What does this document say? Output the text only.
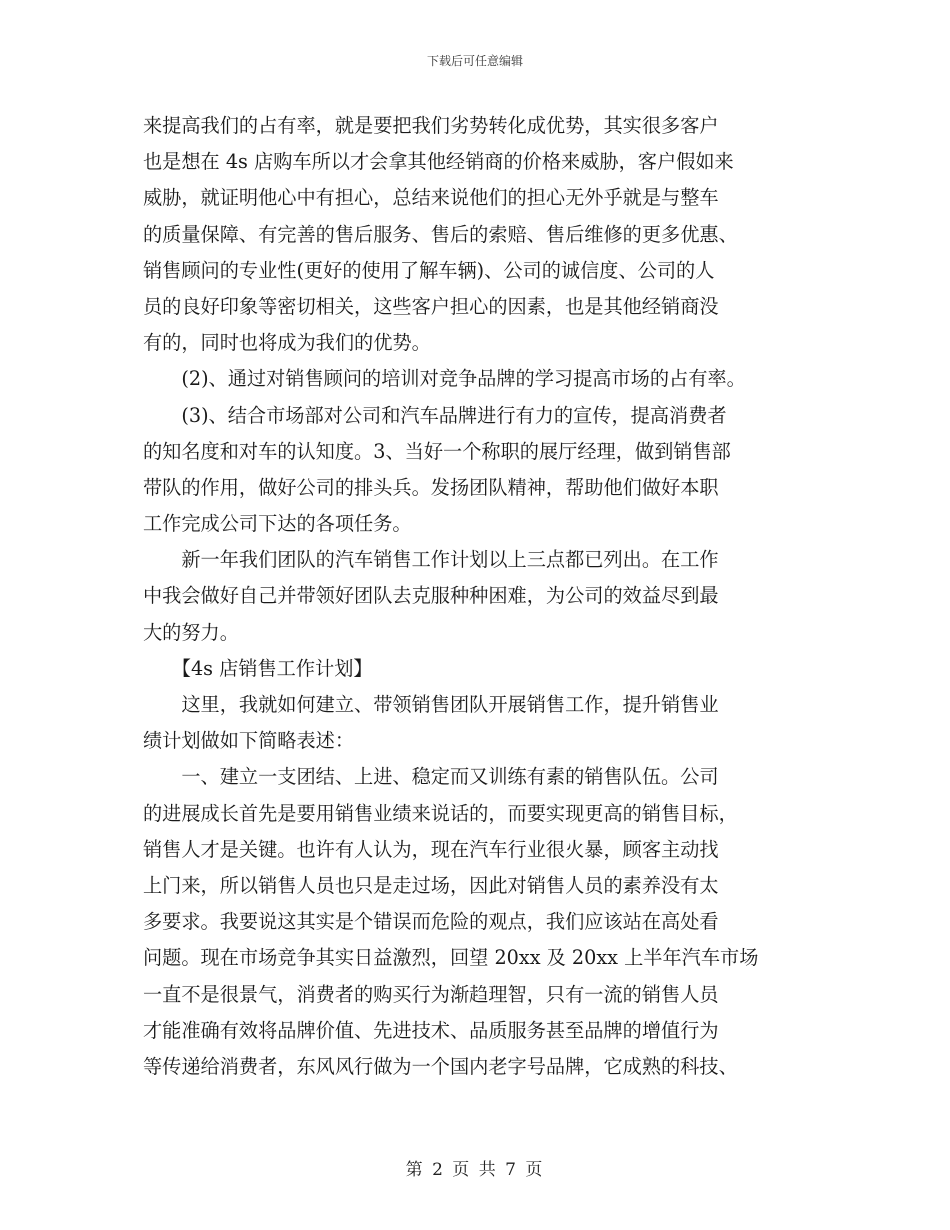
下载后可任意编辑
来提高我们的占有率，就是要把我们劣势转化成优势，其实很多客户
也是想在 4s 店购车所以才会拿其他经销商的价格来威胁，客户假如来
威胁，就证明他心中有担心，总结来说他们的担心无外乎就是与整车
的质量保障、有完善的售后服务、售后的索赔、售后维修的更多优惠、
销售顾问的专业性(更好的使用了解车辆)、公司的诚信度、公司的人
员的良好印象等密切相关，这些客户担心的因素，也是其他经销商没
有的，同时也将成为我们的优势。
　　(2)、通过对销售顾问的培训对竞争品牌的学习提高市场的占有率。
　　(3)、结合市场部对公司和汽车品牌进行有力的宣传，提高消费者
的知名度和对车的认知度。3、当好一个称职的展厅经理，做到销售部
带队的作用，做好公司的排头兵。发扬团队精神，帮助他们做好本职
工作完成公司下达的各项任务。
　　新一年我们团队的汽车销售工作计划以上三点都已列出。在工作
中我会做好自己并带领好团队去克服种种困难，为公司的效益尽到最
大的努力。
　　【4s 店销售工作计划】
　　这里，我就如何建立、带领销售团队开展销售工作，提升销售业
绩计划做如下简略表述：
　　一、建立一支团结、上进、稳定而又训练有素的销售队伍。公司
的进展成长首先是要用销售业绩来说话的，而要实现更高的销售目标，
销售人才是关键。也许有人认为，现在汽车行业很火暴，顾客主动找
上门来，所以销售人员也只是走过场，因此对销售人员的素养没有太
多要求。我要说这其实是个错误而危险的观点，我们应该站在高处看
问题。现在市场竞争其实日益激烈，回望 20xx 及 20xx 上半年汽车市场
一直不是很景气，消费者的购买行为渐趋理智，只有一流的销售人员
才能准确有效将品牌价值、先进技术、品质服务甚至品牌的增值行为
等传递给消费者，东风风行做为一个国内老字号品牌，它成熟的科技、
第 2 页 共 7 页
